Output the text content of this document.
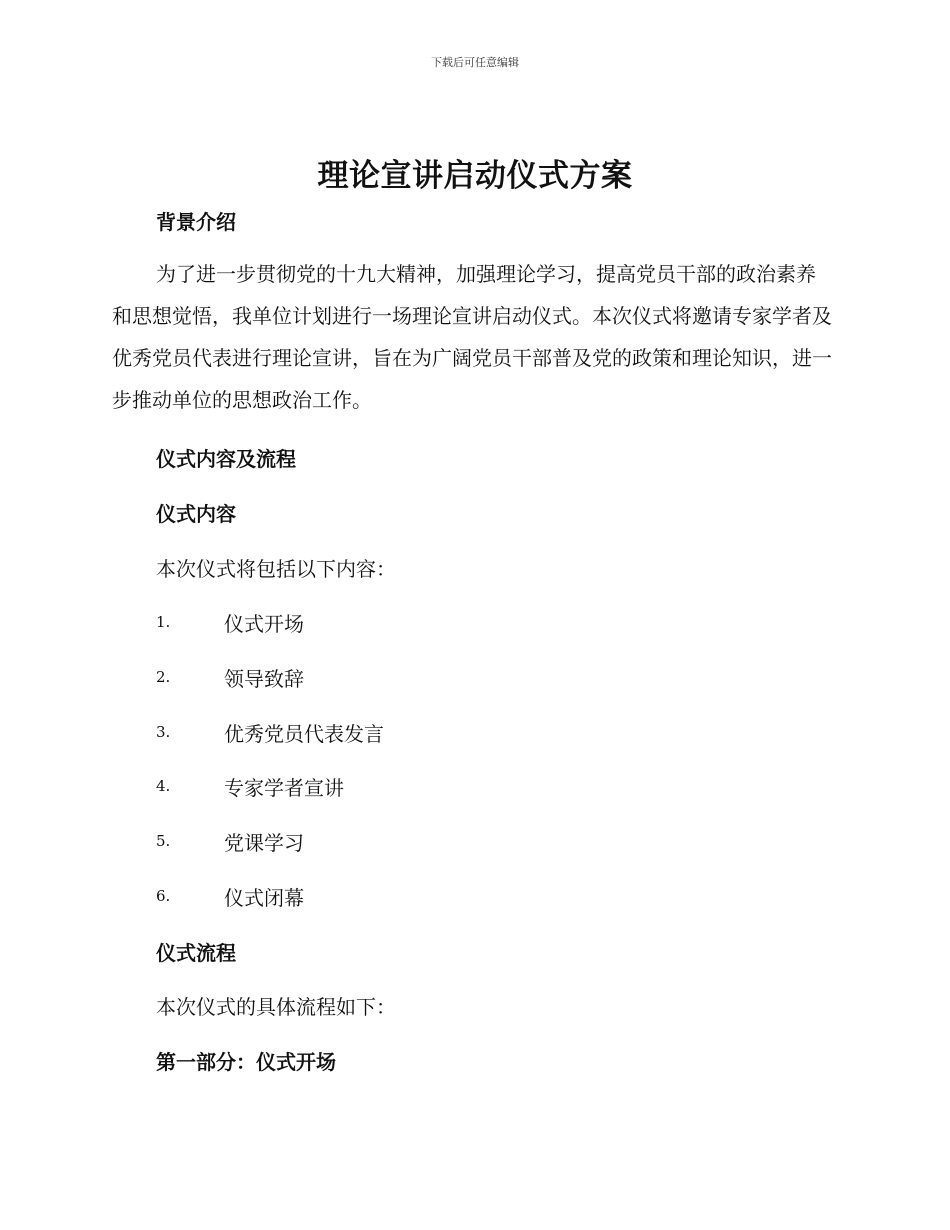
下载后可任意编辑
理论宣讲启动仪式方案
背景介绍
为了进一步贯彻党的十九大精神，加强理论学习，提高党员干部的政治素养和思想觉悟，我单位计划进行一场理论宣讲启动仪式。本次仪式将邀请专家学者及优秀党员代表进行理论宣讲，旨在为广阔党员干部普及党的政策和理论知识，进一步推动单位的思想政治工作。
仪式内容及流程
仪式内容
本次仪式将包括以下内容：
1.	仪式开场
2.	领导致辞
3.	优秀党员代表发言
4.	专家学者宣讲
5.	党课学习
6.	仪式闭幕
仪式流程
本次仪式的具体流程如下：
第一部分：仪式开场
